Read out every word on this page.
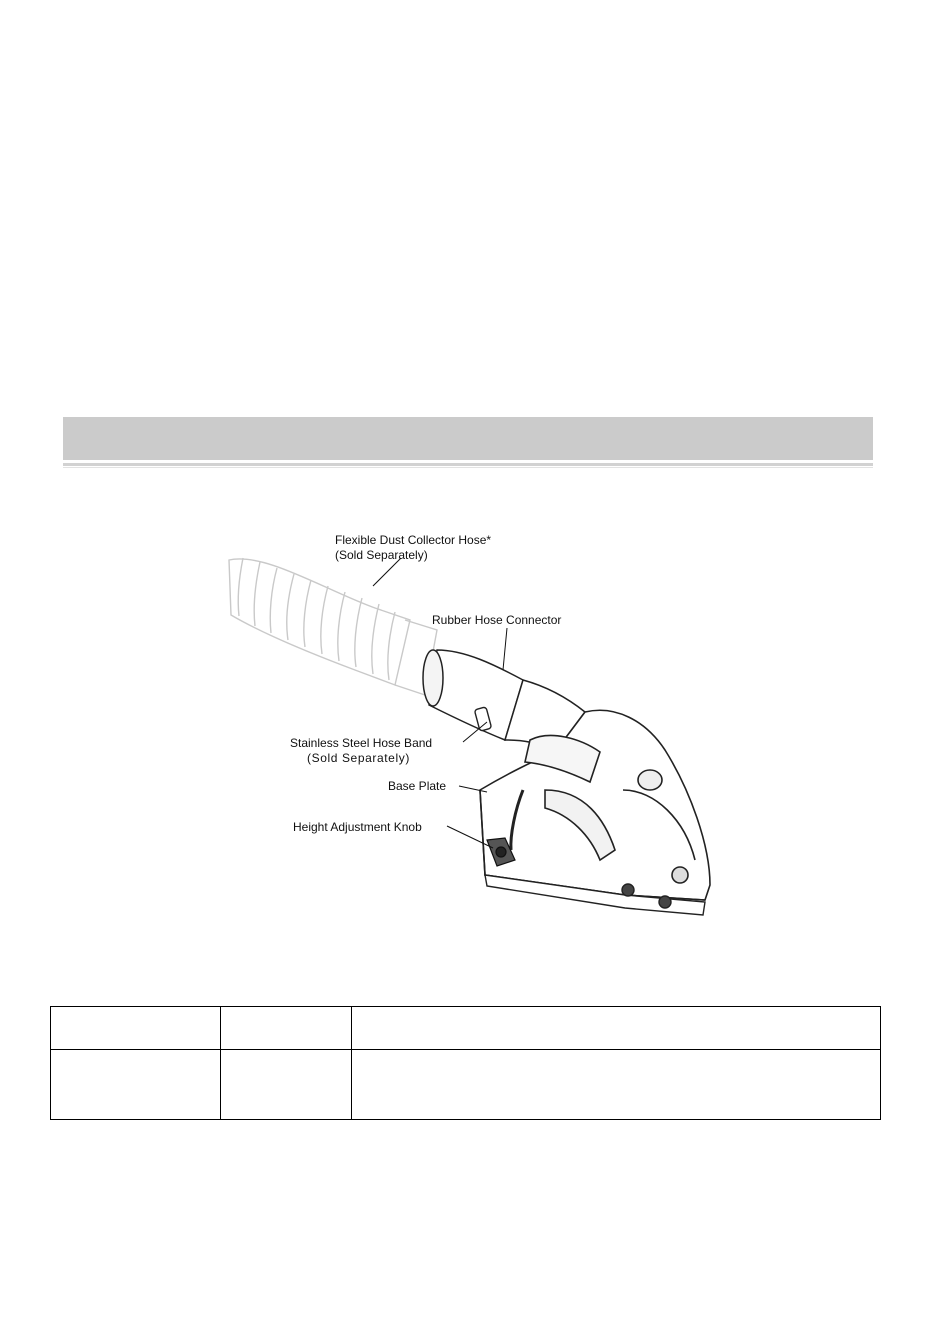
Flexible Dust Collector Hose*
(Sold Separately)
Rubber Hose Connector
Stainless Steel Hose Band
(Sold Separately)
Base Plate
Height Adjustment Knob
